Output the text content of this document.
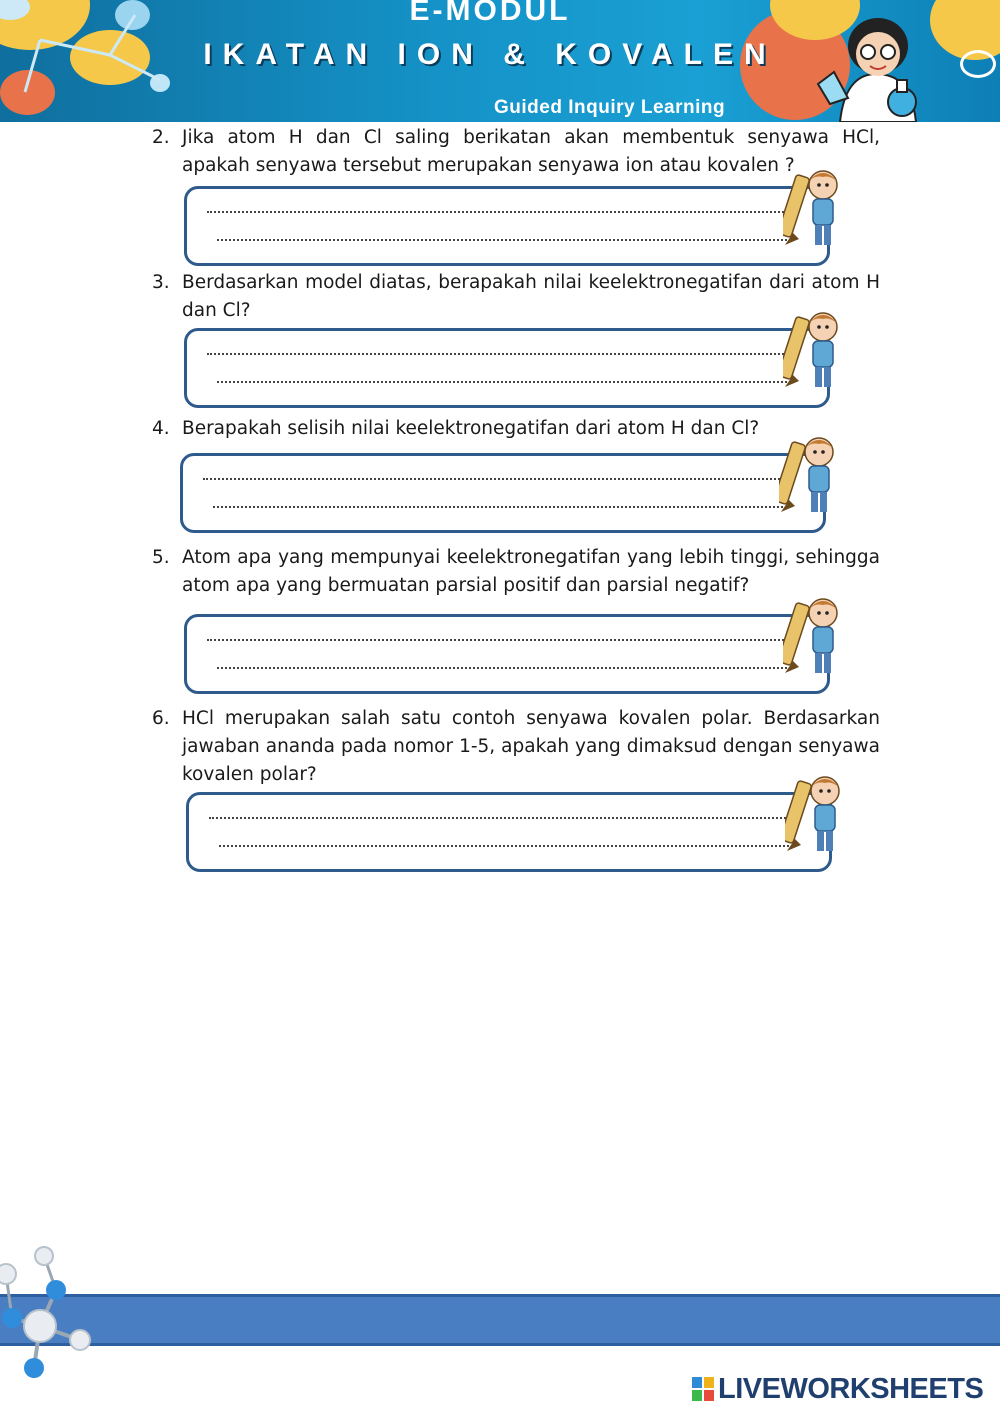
E-MODUL
IKATAN ION & KOVALEN
Guided Inquiry Learning
2. Jika atom H dan Cl saling berikatan akan membentuk senyawa HCl, apakah senyawa tersebut merupakan senyawa ion atau kovalen ?
3. Berdasarkan model diatas, berapakah nilai keelektronegatifan dari atom H dan Cl?
4. Berapakah selisih nilai keelektronegatifan dari atom H dan Cl?
5. Atom apa yang mempunyai keelektronegatifan yang lebih tinggi, sehingga atom apa yang bermuatan parsial positif dan parsial negatif?
6. HCl merupakan salah satu contoh senyawa kovalen polar. Berdasarkan jawaban ananda pada nomor 1-5, apakah yang dimaksud dengan senyawa kovalen polar?
LIVEWORKSHEETS
